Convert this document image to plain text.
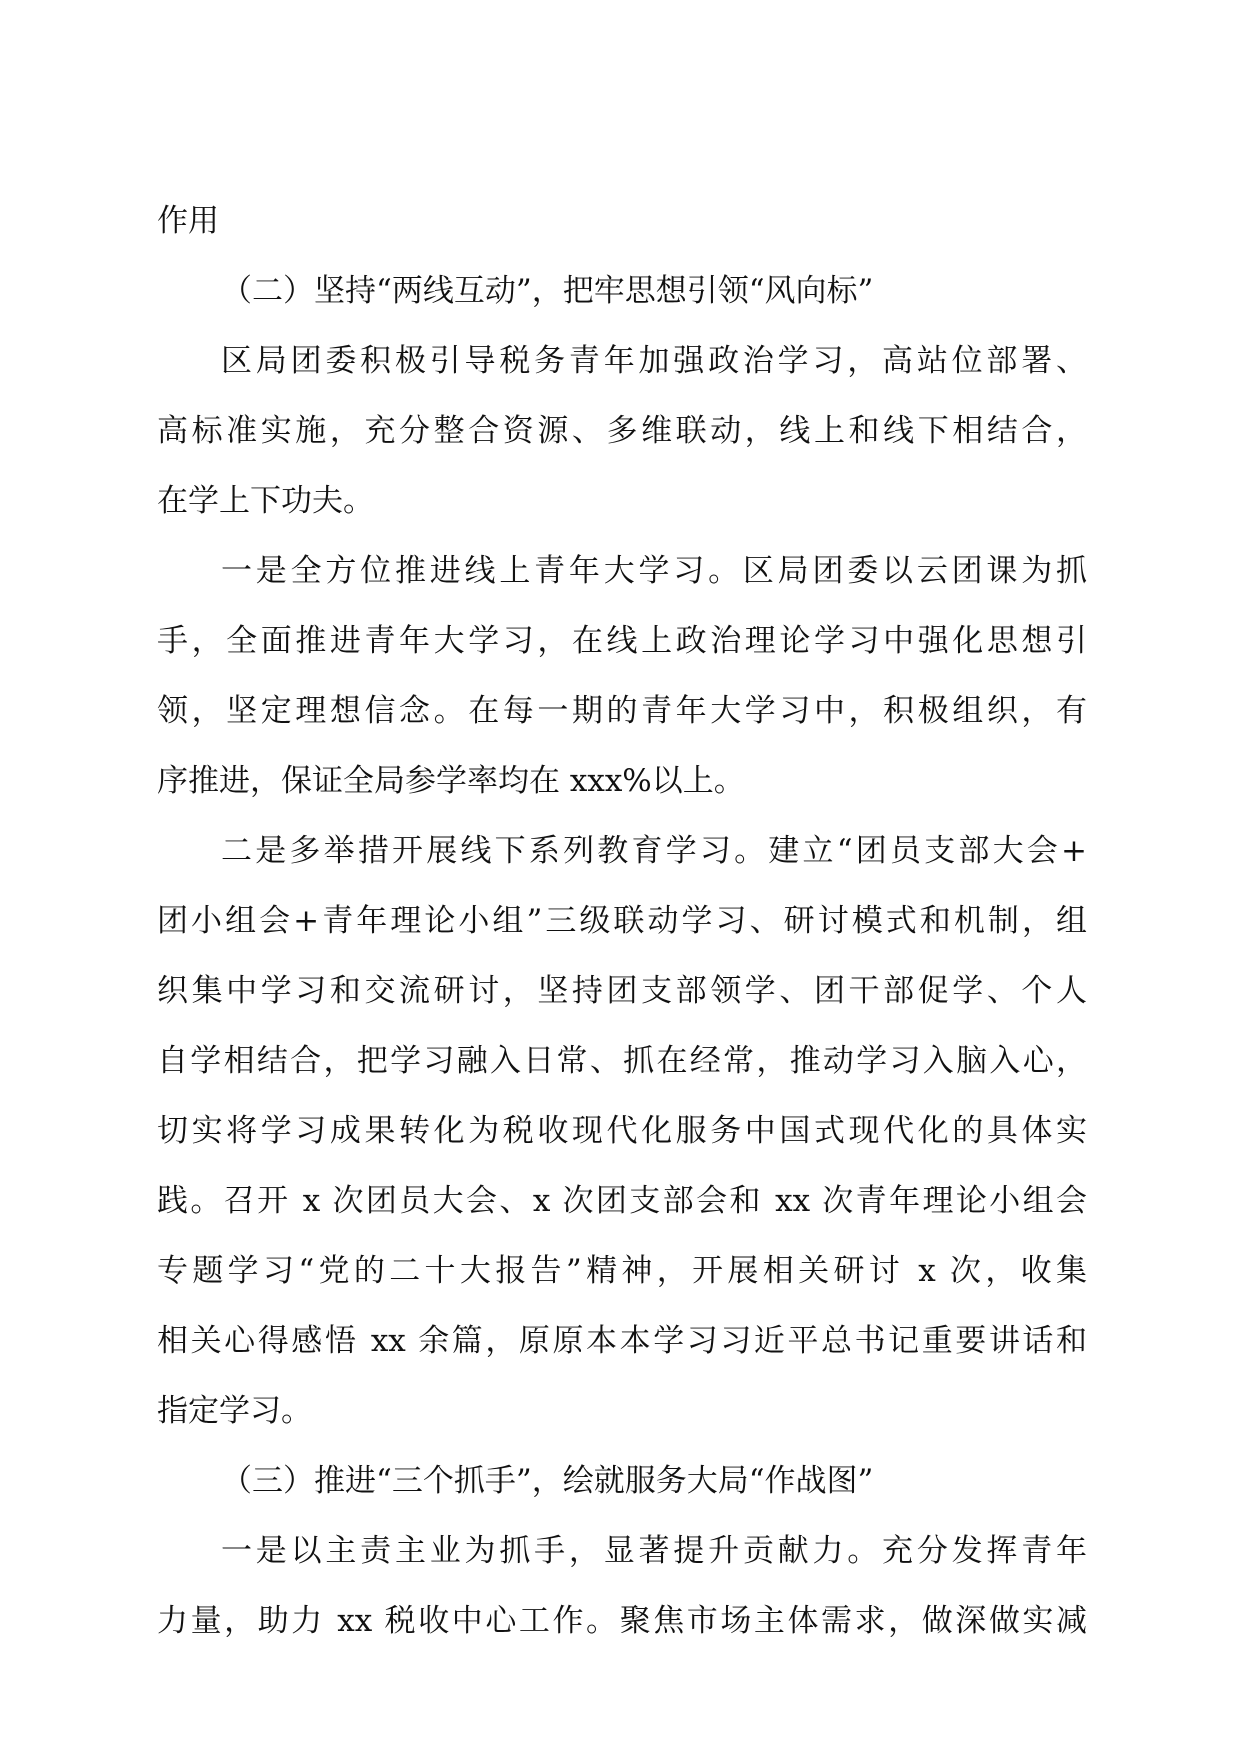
作用
（二）坚持“两线互动”，把牢思想引领“风向标”
区局团委积极引导税务青年加强政治学习，高站位部署、
高标准实施，充分整合资源、多维联动，线上和线下相结合，
在学上下功夫。
一是全方位推进线上青年大学习。区局团委以云团课为抓
手，全面推进青年大学习，在线上政治理论学习中强化思想引
领，坚定理想信念。在每一期的青年大学习中，积极组织，有
序推进，保证全局参学率均在 xxx%以上。
二是多举措开展线下系列教育学习。建立“团员支部大会+
团小组会+青年理论小组”三级联动学习、研讨模式和机制，组
织集中学习和交流研讨，坚持团支部领学、团干部促学、个人
自学相结合，把学习融入日常、抓在经常，推动学习入脑入心，
切实将学习成果转化为税收现代化服务中国式现代化的具体实
践。召开 x 次团员大会、x 次团支部会和 xx 次青年理论小组会
专题学习“党的二十大报告”精神，开展相关研讨 x 次，收集
相关心得感悟 xx 余篇，原原本本学习习近平总书记重要讲话和
指定学习。
（三）推进“三个抓手”，绘就服务大局“作战图”
一是以主责主业为抓手，显著提升贡献力。充分发挥青年
力量，助力 xx 税收中心工作。聚焦市场主体需求，做深做实减
